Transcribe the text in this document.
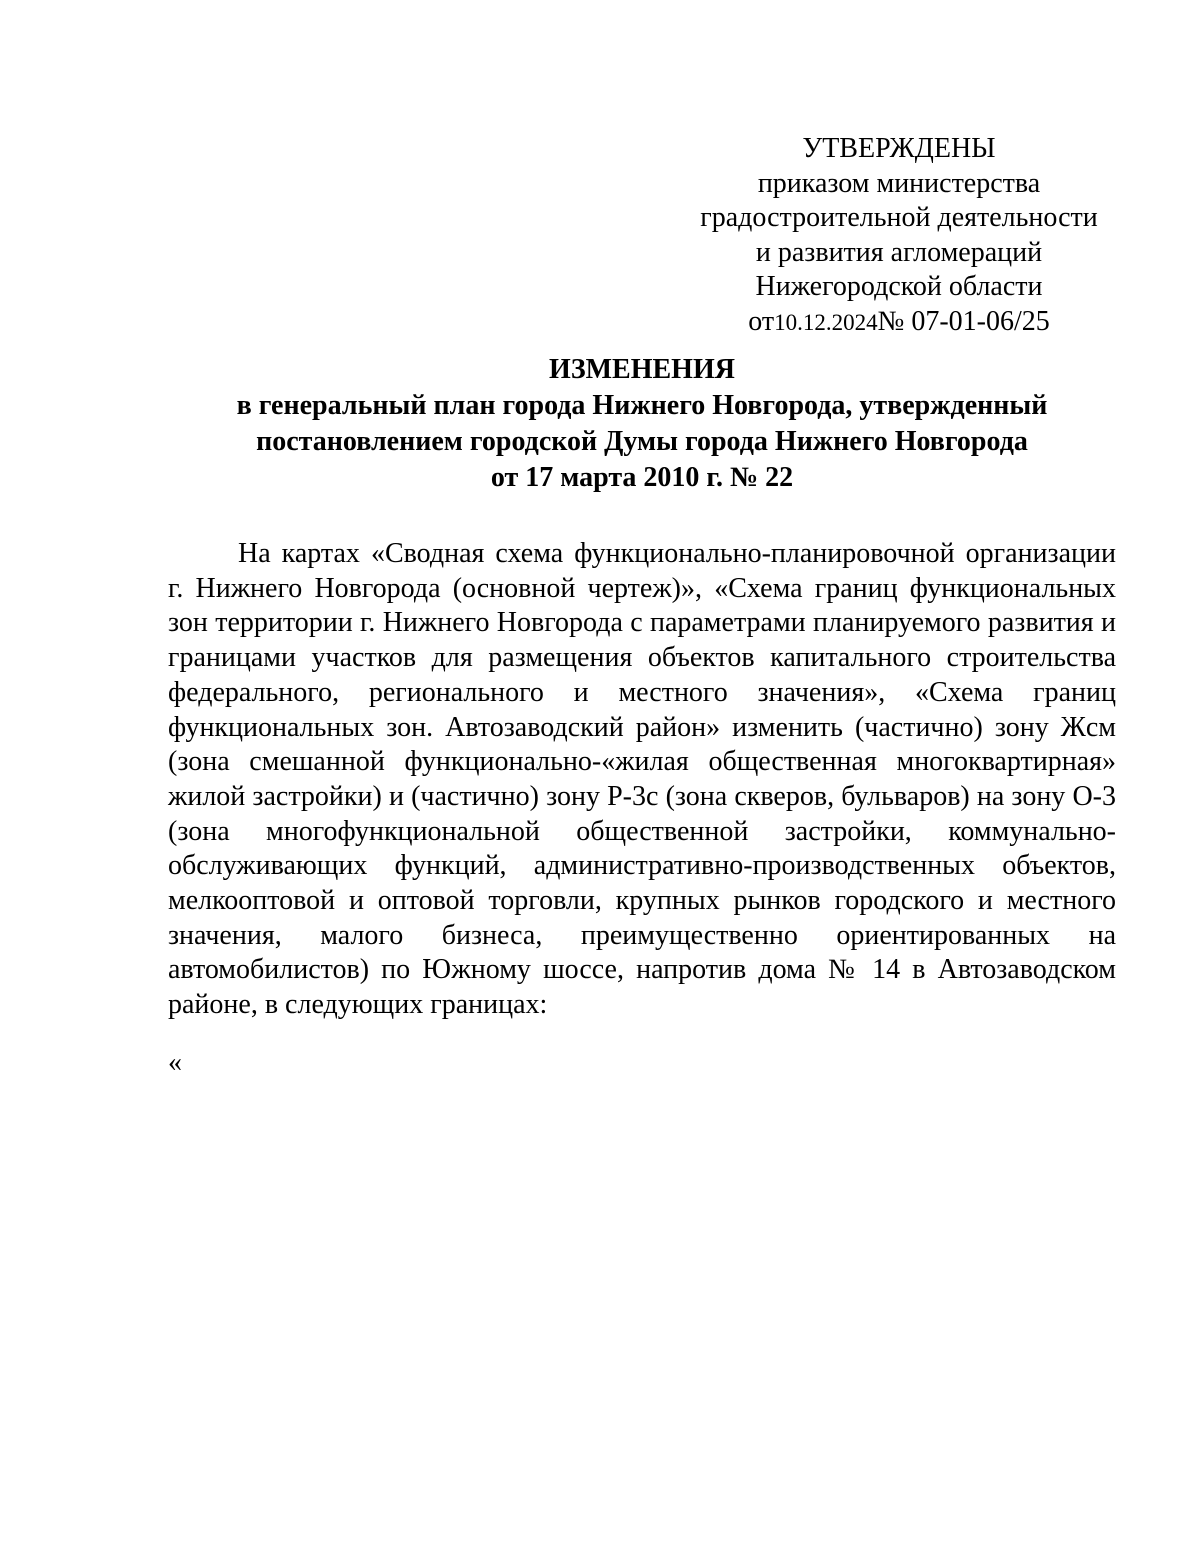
УТВЕРЖДЕНЫ
приказом министерства
градостроительной деятельности
и развития агломераций
Нижегородской области
от10.12.2024№ 07-01-06/25
ИЗМЕНЕНИЯ
в генеральный план города Нижнего Новгорода, утвержденный
постановлением городской Думы города Нижнего Новгорода
от 17 марта 2010 г. № 22

На картах «Сводная схема функционально-планировочной организации г. Нижнего Новгорода (основной чертеж)», «Схема границ функциональных зон территории г. Нижнего Новгорода с параметрами планируемого развития и границами участков для размещения объектов капитального строительства федерального, регионального и местного значения», «Схема границ функциональных зон. Автозаводский район» изменить (частично) зону Жсм (зона смешанной функционально-«жилая общественная многоквартирная» жилой застройки) и (частично) зону Р-3с (зона скверов, бульваров) на зону О-3 (зона многофункциональной общественной застройки, коммунально-обслуживающих функций, административно-производственных объектов, мелкооптовой и оптовой торговли, крупных рынков городского и местного значения, малого бизнеса, преимущественно ориентированных на автомобилистов) по Южному шоссе, напротив дома № 14 в Автозаводском районе, в следующих границах:

«
